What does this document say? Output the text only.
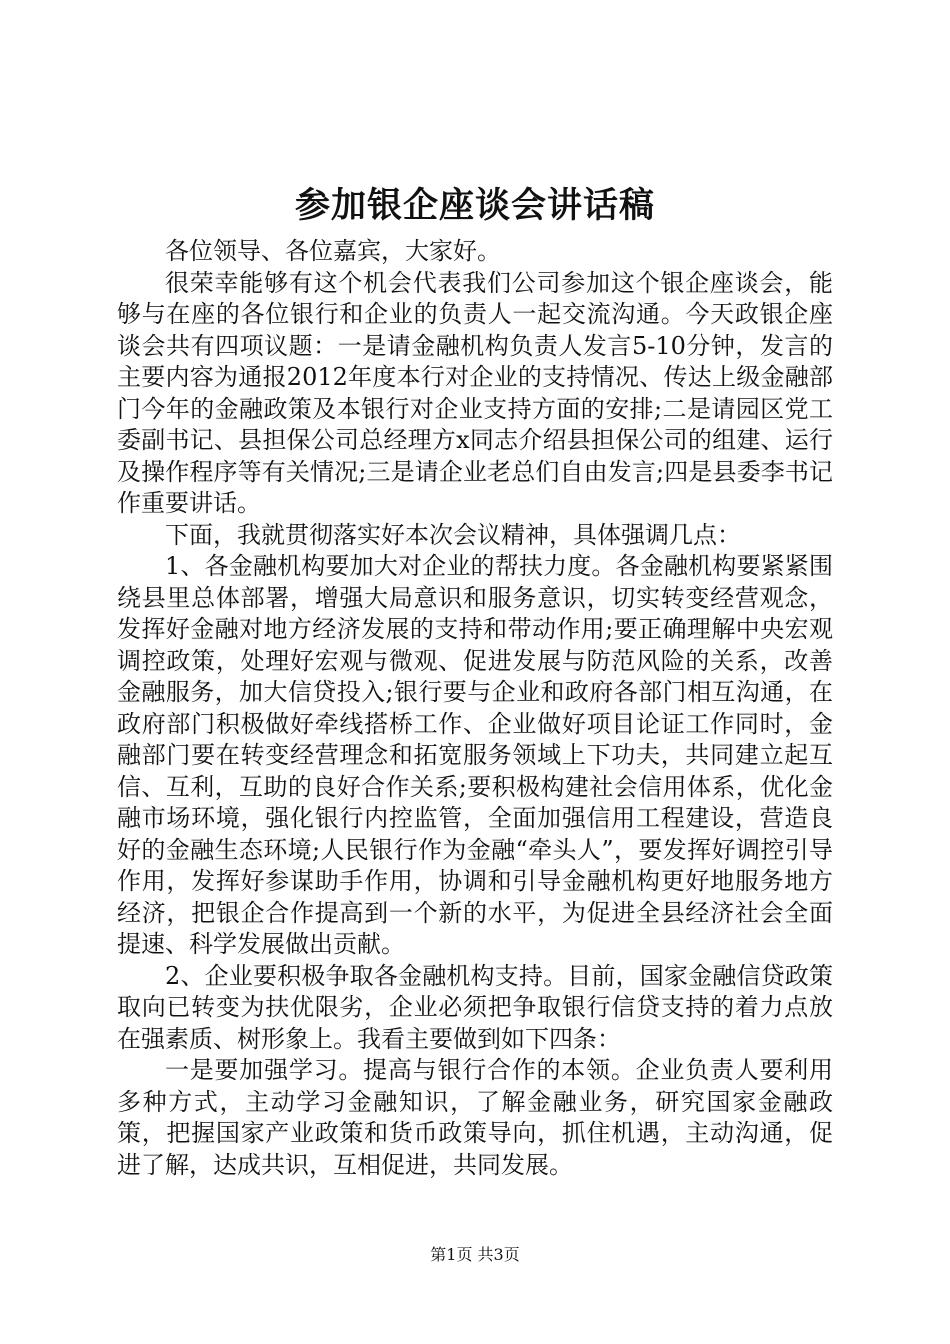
参加银企座谈会讲话稿

各位领导、各位嘉宾，大家好。

很荣幸能够有这个机会代表我们公司参加这个银企座谈会，能够与在座的各位银行和企业的负责人一起交流沟通。今天政银企座谈会共有四项议题：一是请金融机构负责人发言5-10分钟，发言的主要内容为通报2012年度本行对企业的支持情况、传达上级金融部门今年的金融政策及本银行对企业支持方面的安排;二是请园区党工委副书记、县担保公司总经理方x同志介绍县担保公司的组建、运行及操作程序等有关情况;三是请企业老总们自由发言;四是县委李书记作重要讲话。

下面，我就贯彻落实好本次会议精神，具体强调几点：

1、各金融机构要加大对企业的帮扶力度。各金融机构要紧紧围绕县里总体部署，增强大局意识和服务意识，切实转变经营观念，发挥好金融对地方经济发展的支持和带动作用;要正确理解中央宏观调控政策，处理好宏观与微观、促进发展与防范风险的关系，改善金融服务，加大信贷投入;银行要与企业和政府各部门相互沟通，在政府部门积极做好牵线搭桥工作、企业做好项目论证工作同时，金融部门要在转变经营理念和拓宽服务领域上下功夫，共同建立起互信、互利，互助的良好合作关系;要积极构建社会信用体系，优化金融市场环境，强化银行内控监管，全面加强信用工程建设，营造良好的金融生态环境;人民银行作为金融“牵头人”，要发挥好调控引导作用，发挥好参谋助手作用，协调和引导金融机构更好地服务地方经济，把银企合作提高到一个新的水平，为促进全县经济社会全面提速、科学发展做出贡献。

2、企业要积极争取各金融机构支持。目前，国家金融信贷政策取向已转变为扶优限劣，企业必须把争取银行信贷支持的着力点放在强素质、树形象上。我看主要做到如下四条：

一是要加强学习。提高与银行合作的本领。企业负责人要利用多种方式，主动学习金融知识，了解金融业务，研究国家金融政策，把握国家产业政策和货币政策导向，抓住机遇，主动沟通，促进了解，达成共识，互相促进，共同发展。

第1页 共3页
